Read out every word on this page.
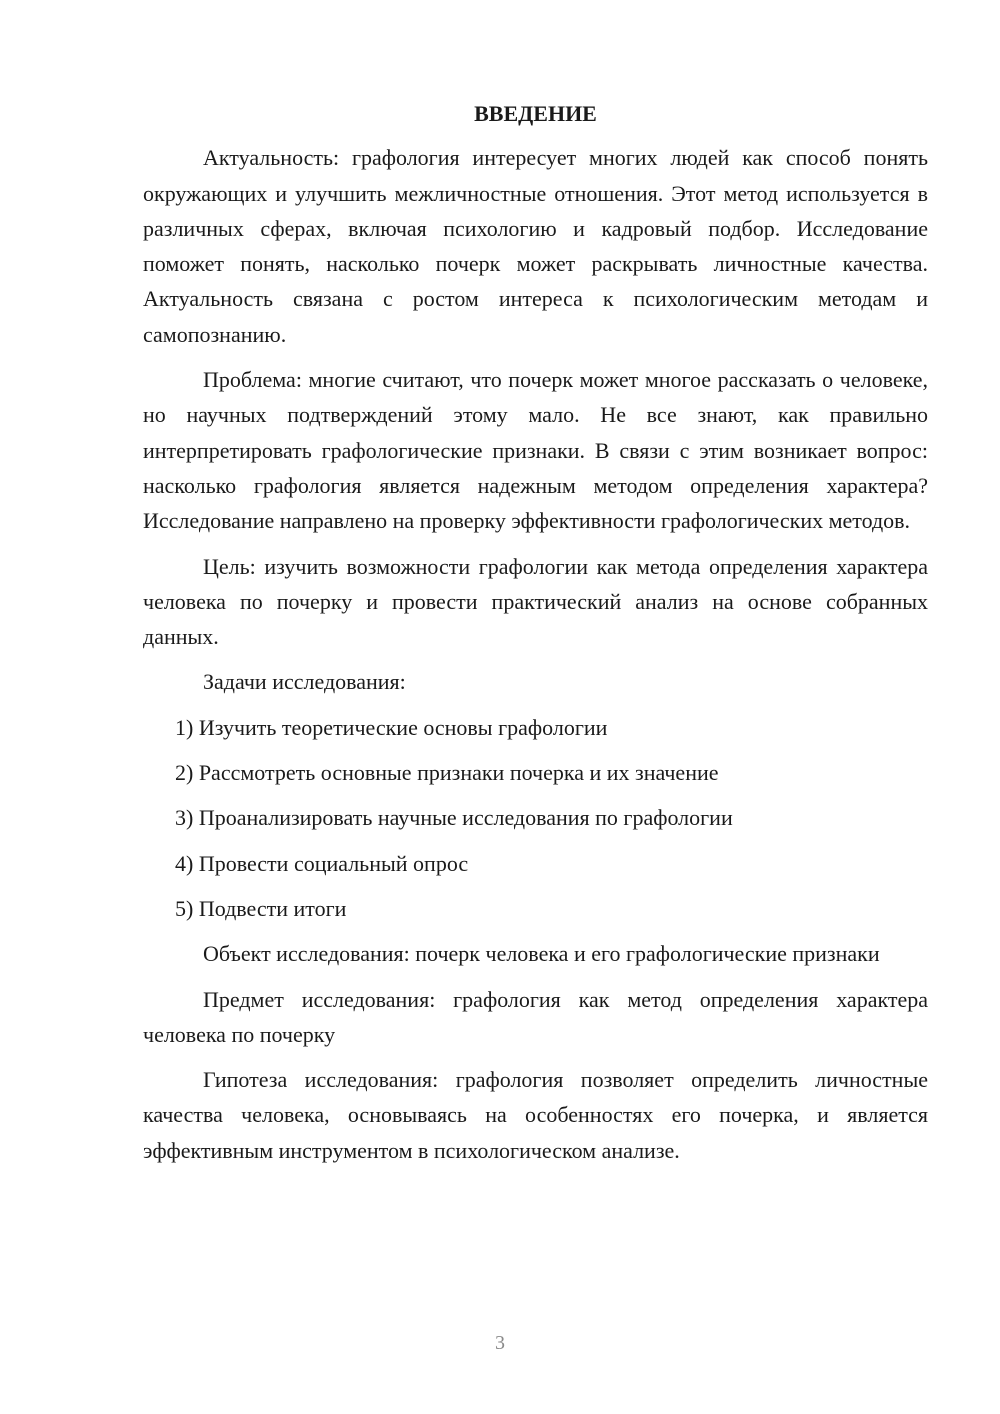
ВВЕДЕНИЕ

Актуальность: графология интересует многих людей как способ понять окружающих и улучшить межличностные отношения. Этот метод используется в различных сферах, включая психологию и кадровый подбор. Исследование поможет понять, насколько почерк может раскрывать личностные качества. Актуальность связана с ростом интереса к психологическим методам и самопознанию.

Проблема: многие считают, что почерк может многое рассказать о человеке, но научных подтверждений этому мало. Не все знают, как правильно интерпретировать графологические признаки. В связи с этим возникает вопрос: насколько графология является надежным методом определения характера? Исследование направлено на проверку эффективности графологических методов.

Цель: изучить возможности графологии как метода определения характера человека по почерку и провести практический анализ на основе собранных данных.

Задачи исследования:

1) Изучить теоретические основы графологии

2) Рассмотреть основные признаки почерка и их значение

3) Проанализировать научные исследования по графологии

4) Провести социальный опрос

5) Подвести итоги

Объект исследования: почерк человека и его графологические признаки

Предмет исследования: графология как метод определения характера человека по почерку

Гипотеза исследования: графология позволяет определить личностные качества человека, основываясь на особенностях его почерка, и является эффективным инструментом в психологическом анализе.

3
